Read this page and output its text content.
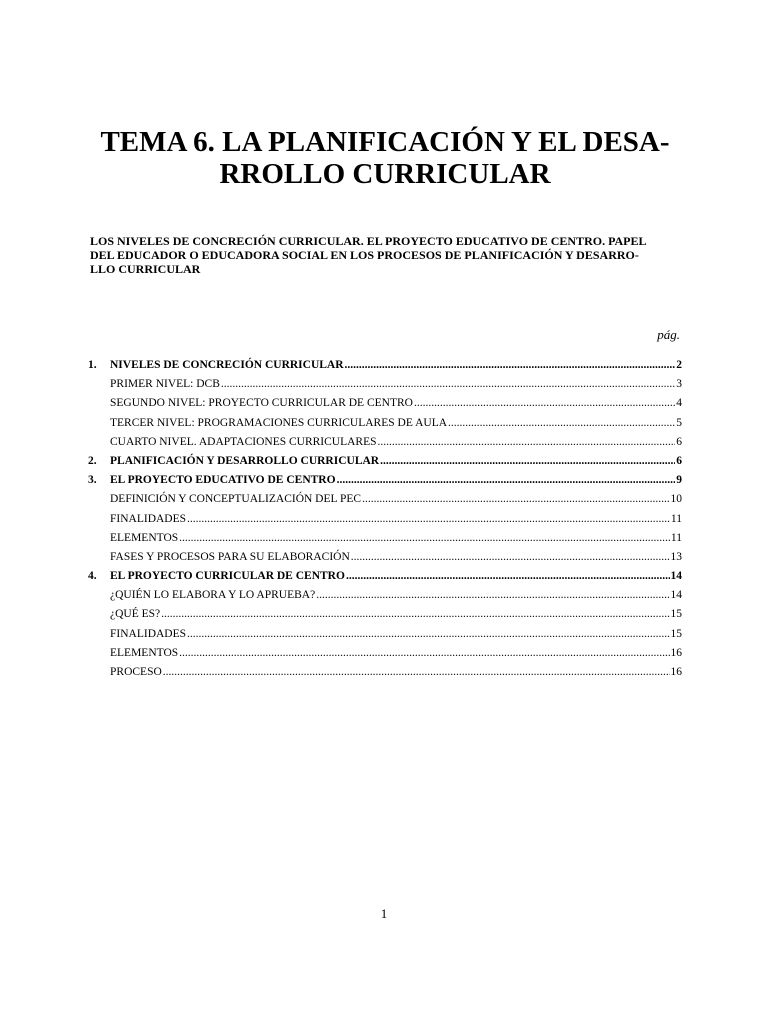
TEMA 6. LA PLANIFICACIÓN Y EL DESA-
RROLLO CURRICULAR

LOS NIVELES DE CONCRECIÓN CURRICULAR. EL PROYECTO EDUCATIVO DE CENTRO. PAPEL
DEL EDUCADOR O EDUCADORA SOCIAL EN LOS PROCESOS DE PLANIFICACIÓN Y DESARRO-
LLO CURRICULAR

pág.
1.	NIVELES DE CONCRECIÓN CURRICULAR .....	2
PRIMER NIVEL: DCB .....	3
SEGUNDO NIVEL: PROYECTO CURRICULAR DE CENTRO .....	4
TERCER NIVEL: PROGRAMACIONES CURRICULARES DE AULA .....	5
CUARTO NIVEL. ADAPTACIONES CURRICULARES .....	6
2.	PLANIFICACIÓN Y DESARROLLO CURRICULAR .....	6
3.	EL PROYECTO EDUCATIVO DE CENTRO .....	9
DEFINICIÓN Y CONCEPTUALIZACIÓN DEL PEC .....	10
FINALIDADES .....	11
ELEMENTOS .....	11
FASES Y PROCESOS PARA SU ELABORACIÓN .....	13
4.	EL PROYECTO CURRICULAR DE CENTRO .....	14
¿QUIÉN LO ELABORA Y LO APRUEBA? .....	14
¿QUÉ ES? .....	15
FINALIDADES .....	15
ELEMENTOS .....	16
PROCESO .....	16
1
